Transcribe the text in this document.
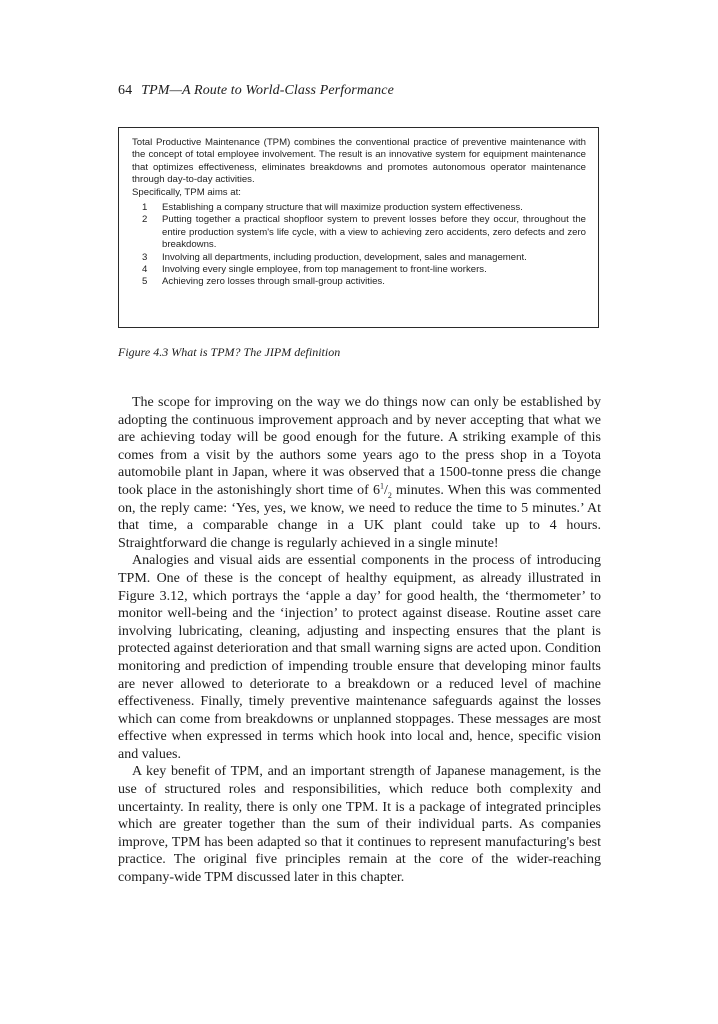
64 TPM—A Route to World-Class Performance

Total Productive Maintenance (TPM) combines the conventional practice of preventive maintenance with the concept of total employee involvement. The result is an innovative system for equipment maintenance that optimizes effectiveness, eliminates breakdowns and promotes autonomous operator maintenance through day-to-day activities.

Specifically, TPM aims at:

1	Establishing a company structure that will maximize production system effectiveness.
2	Putting together a practical shopfloor system to prevent losses before they occur, throughout the entire production system's life cycle, with a view to achieving zero accidents, zero defects and zero breakdowns.
3	Involving all departments, including production, development, sales and management.
4	Involving every single employee, from top management to front-line workers.
5	Achieving zero losses through small-group activities.
Figure 4.3 What is TPM? The JIPM definition

The scope for improving on the way we do things now can only be established by adopting the continuous improvement approach and by never accepting that what we are achieving today will be good enough for the future. A striking example of this comes from a visit by the authors some years ago to the press shop in a Toyota automobile plant in Japan, where it was observed that a 1500-tonne press die change took place in the astonishingly short time of $6^1/_2$ minutes. When this was commented on, the reply came: ‘Yes, yes, we know, we need to reduce the time to 5 minutes.’ At that time, a comparable change in a UK plant could take up to 4 hours. Straightforward die change is regularly achieved in a single minute!

Analogies and visual aids are essential components in the process of introducing TPM. One of these is the concept of healthy equipment, as already illustrated in Figure 3.12, which portrays the ‘apple a day’ for good health, the ‘thermometer’ to monitor well-being and the ‘injection’ to protect against disease. Routine asset care involving lubricating, cleaning, adjusting and inspecting ensures that the plant is protected against deterioration and that small warning signs are acted upon. Condition monitoring and prediction of impending trouble ensure that developing minor faults are never allowed to deteriorate to a breakdown or a reduced level of machine effectiveness. Finally, timely preventive maintenance safeguards against the losses which can come from breakdowns or unplanned stoppages. These messages are most effective when expressed in terms which hook into local and, hence, specific vision and values.

A key benefit of TPM, and an important strength of Japanese management, is the use of structured roles and responsibilities, which reduce both complexity and uncertainty. In reality, there is only one TPM. It is a package of integrated principles which are greater together than the sum of their individual parts. As companies improve, TPM has been adapted so that it continues to represent manufacturing's best practice. The original five principles remain at the core of the wider-reaching company-wide TPM discussed later in this chapter.
